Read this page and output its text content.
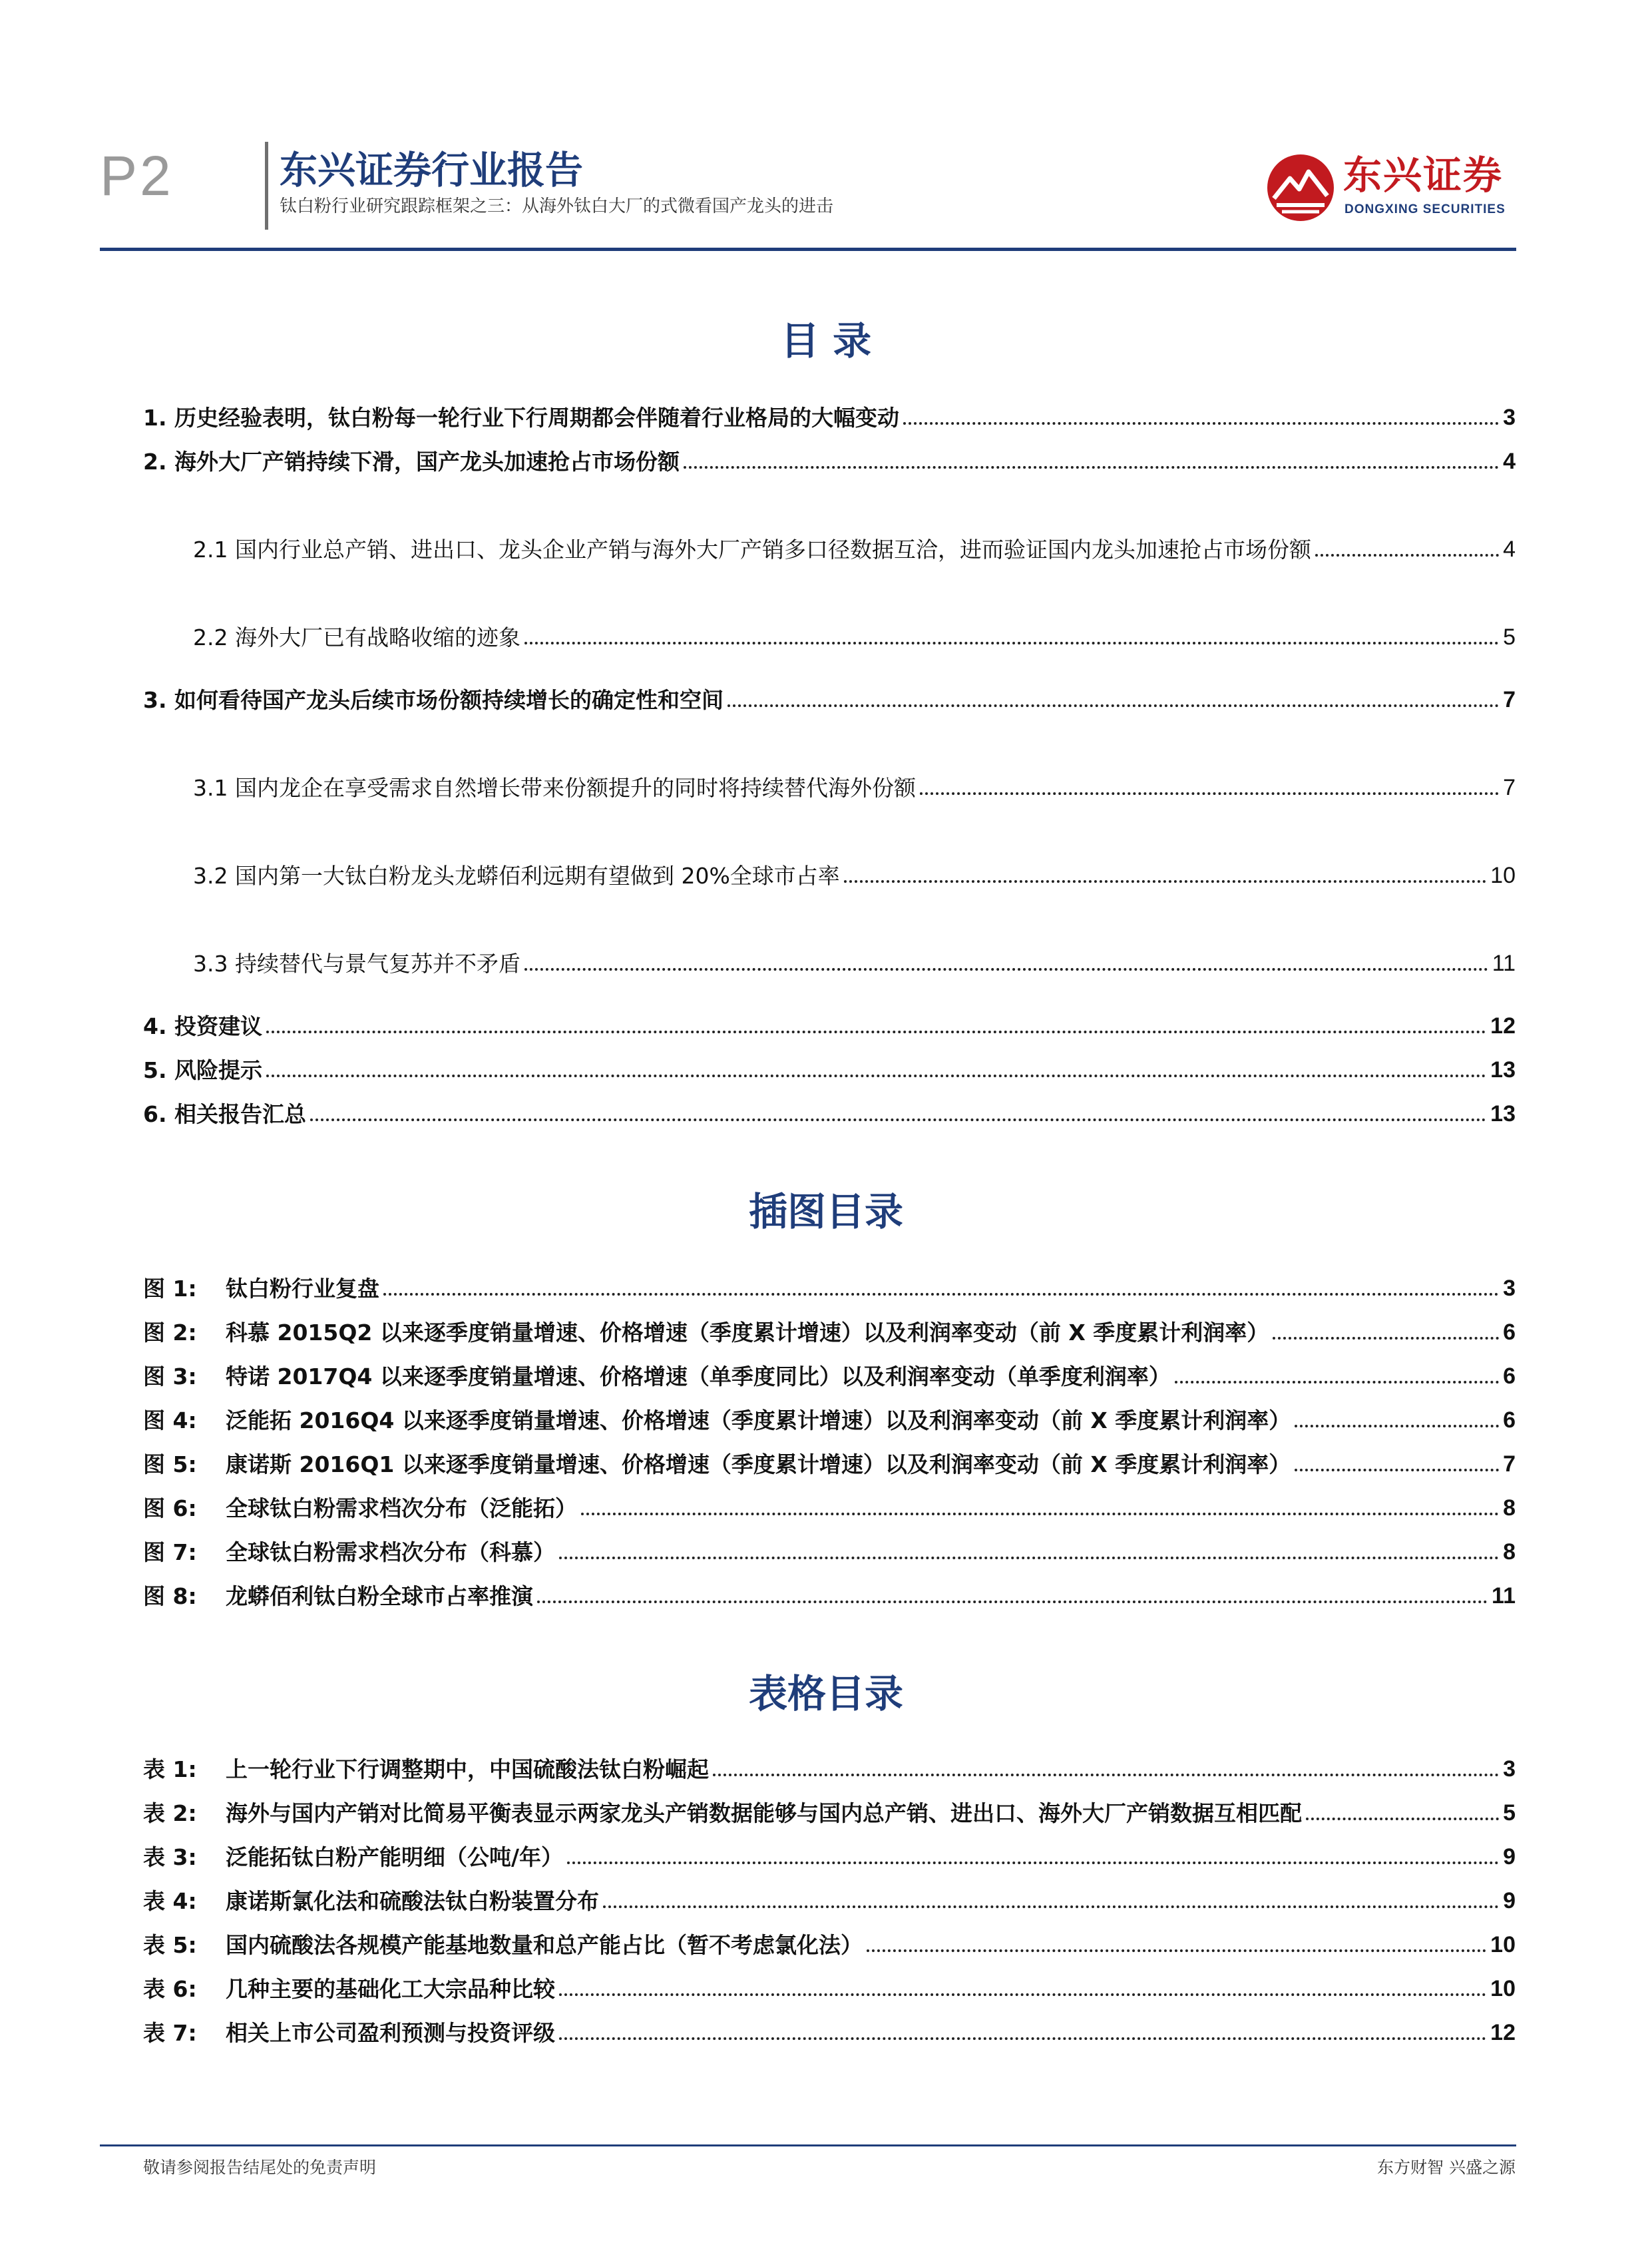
P2	东兴证券行业报告
钛白粉行业研究跟踪框架之三：从海外钛白大厂的式微看国产龙头的进击
东兴证券
DONGXING SECURITIES
目 录
1. 历史经验表明，钛白粉每一轮行业下行周期都会伴随着行业格局的大幅变动	3
2. 海外大厂产销持续下滑，国产龙头加速抢占市场份额	4
2.1 国内行业总产销、进出口、龙头企业产销与海外大厂产销多口径数据互洽，进而验证国内龙头加速抢占市场份额	4
2.2 海外大厂已有战略收缩的迹象	5
3. 如何看待国产龙头后续市场份额持续增长的确定性和空间	7
3.1 国内龙企在享受需求自然增长带来份额提升的同时将持续替代海外份额	7
3.2 国内第一大钛白粉龙头龙蟒佰利远期有望做到 20%全球市占率	10
3.3 持续替代与景气复苏并不矛盾	11
4. 投资建议	12
5. 风险提示	13
6. 相关报告汇总	13
插图目录
图 1:	钛白粉行业复盘	3
图 2:	科慕 2015Q2 以来逐季度销量增速、价格增速（季度累计增速）以及利润率变动（前 X 季度累计利润率）	6
图 3:	特诺 2017Q4 以来逐季度销量增速、价格增速（单季度同比）以及利润率变动（单季度利润率）	6
图 4:	泛能拓 2016Q4 以来逐季度销量增速、价格增速（季度累计增速）以及利润率变动（前 X 季度累计利润率）	6
图 5:	康诺斯 2016Q1 以来逐季度销量增速、价格增速（季度累计增速）以及利润率变动（前 X 季度累计利润率）	7
图 6:	全球钛白粉需求档次分布（泛能拓）	8
图 7:	全球钛白粉需求档次分布（科慕）	8
图 8:	龙蟒佰利钛白粉全球市占率推演	11
表格目录
表 1:	上一轮行业下行调整期中，中国硫酸法钛白粉崛起	3
表 2:	海外与国内产销对比简易平衡表显示两家龙头产销数据能够与国内总产销、进出口、海外大厂产销数据互相匹配	5
表 3:	泛能拓钛白粉产能明细（公吨/年）	9
表 4:	康诺斯氯化法和硫酸法钛白粉装置分布	9
表 5:	国内硫酸法各规模产能基地数量和总产能占比（暂不考虑氯化法）	10
表 6:	几种主要的基础化工大宗品种比较	10
表 7:	相关上市公司盈利预测与投资评级	12
敬请参阅报告结尾处的免责声明	东方财智 兴盛之源
